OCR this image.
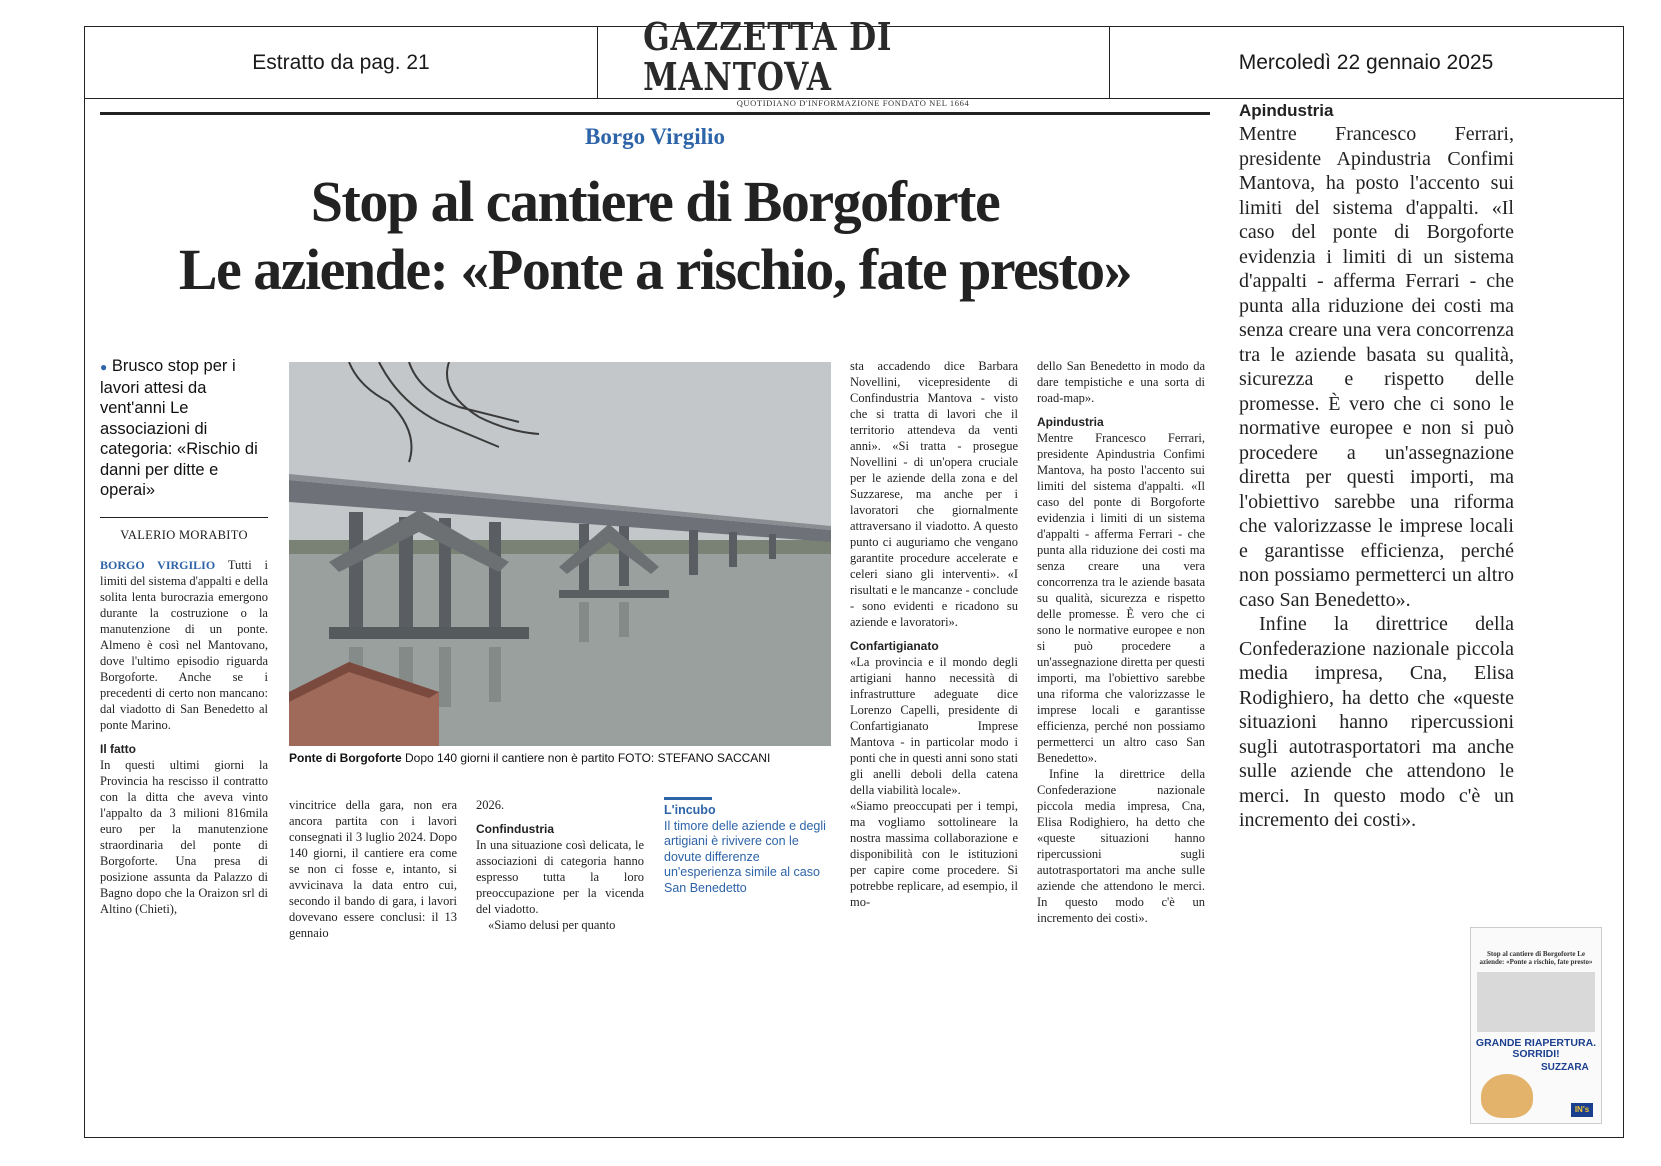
Estratto da pag. 21
GAZZETTA DI MANTOVA
QUOTIDIANO D'INFORMAZIONE FONDATO NEL 1664
Mercoledì 22 gennaio 2025
Borgo Virgilio
Stop al cantiere di Borgoforte
Le aziende: «Ponte a rischio, fate presto»
● Brusco stop per i lavori attesi da vent'anni Le associazioni di categoria: «Rischio di danni per ditte e operai»
VALERIO MORABITO
BORGO VIRGILIO Tutti i limiti del sistema d'appalti e della solita lenta burocrazia emergono durante la costruzione o la manutenzione di un ponte. Almeno è così nel Mantovano, dove l'ultimo episodio riguarda Borgoforte. Anche se i precedenti di certo non mancano: dal viadotto di San Benedetto al ponte Marino.
Il fatto
In questi ultimi giorni la Provincia ha rescisso il contratto con la ditta che aveva vinto l'appalto da 3 milioni 816mila euro per la manutenzione straordinaria del ponte di Borgoforte. Una presa di posizione assunta da Palazzo di Bagno dopo che la Oraizon srl di Altino (Chieti),
Ponte di Borgoforte Dopo 140 giorni il cantiere non è partito FOTO: STEFANO SACCANI
vincitrice della gara, non era ancora partita con i lavori consegnati il 3 luglio 2024. Dopo 140 giorni, il cantiere era come se non ci fosse e, intanto, si avvicinava la data entro cui, secondo il bando di gara, i lavori dovevano essere conclusi: il 13 gennaio
2026.
Confindustria
In una situazione così delicata, le associazioni di categoria hanno espresso tutta la loro preoccupazione per la vicenda del viadotto.
«Siamo delusi per quanto
L'incubo
Il timore delle aziende e degli artigiani è rivivere con le dovute differenze un'esperienza simile al caso San Benedetto
sta accadendo dice Barbara Novellini, vicepresidente di Confindustria Mantova - visto che si tratta di lavori che il territorio attendeva da venti anni». «Si tratta - prosegue Novellini - di un'opera cruciale per le aziende della zona e del Suzzarese, ma anche per i lavoratori che giornalmente attraversano il viadotto. A questo punto ci auguriamo che vengano garantite procedure accelerate e celeri siano gli interventi». «I risultati e le mancanze - conclude - sono evidenti e ricadono su aziende e lavoratori».
Confartigianato
«La provincia e il mondo degli artigiani hanno necessità di infrastrutture adeguate dice Lorenzo Capelli, presidente di Confartigianato Imprese Mantova - in particolar modo i ponti che in questi anni sono stati gli anelli deboli della catena della viabilità locale».
«Siamo preoccupati per i tempi, ma vogliamo sottolineare la nostra massima collaborazione e disponibilità con le istituzioni per capire come procedere. Si potrebbe replicare, ad esempio, il mo-
dello San Benedetto in modo da dare tempistiche e una sorta di road-map».
Apindustria
Mentre Francesco Ferrari, presidente Apindustria Confimi Mantova, ha posto l'accento sui limiti del sistema d'appalti. «Il caso del ponte di Borgoforte evidenzia i limiti di un sistema d'appalti - afferma Ferrari - che punta alla riduzione dei costi ma senza creare una vera concorrenza tra le aziende basata su qualità, sicurezza e rispetto delle promesse. È vero che ci sono le normative europee e non si può procedere a un'assegnazione diretta per questi importi, ma l'obiettivo sarebbe una riforma che valorizzasse le imprese locali e garantisse efficienza, perché non possiamo permetterci un altro caso San Benedetto».
Infine la direttrice della Confederazione nazionale piccola media impresa, Cna, Elisa Rodighiero, ha detto che «queste situazioni hanno ripercussioni sugli autotrasportatori ma anche sulle aziende che attendono le merci. In questo modo c'è un incremento dei costi».
Apindustria

Mentre Francesco Ferrari, presidente Apindustria Confimi Mantova, ha posto l'accento sui limiti del sistema d'appalti. «Il caso del ponte di Borgoforte evidenzia i limiti di un sistema d'appalti - afferma Ferrari - che punta alla riduzione dei costi ma senza creare una vera concorrenza tra le aziende basata su qualità, sicurezza e rispetto delle promesse. È vero che ci sono le normative europee e non si può procedere a un'assegnazione diretta per questi importi, ma l'obiettivo sarebbe una riforma che valorizzasse le imprese locali e garantisse efficienza, perché non possiamo permetterci un altro caso San Benedetto».

Infine la direttrice della Confederazione nazionale piccola media impresa, Cna, Elisa Rodighiero, ha detto che «queste situazioni hanno ripercussioni sugli autotrasportatori ma anche sulle aziende che attendono le merci. In questo modo c'è un incremento dei costi».

Stop al cantiere di Borgoforte Le aziende: «Ponte a rischio, fate presto»
GRANDE RIAPERTURA.
SORRIDI!
SUZZARA
IN's
